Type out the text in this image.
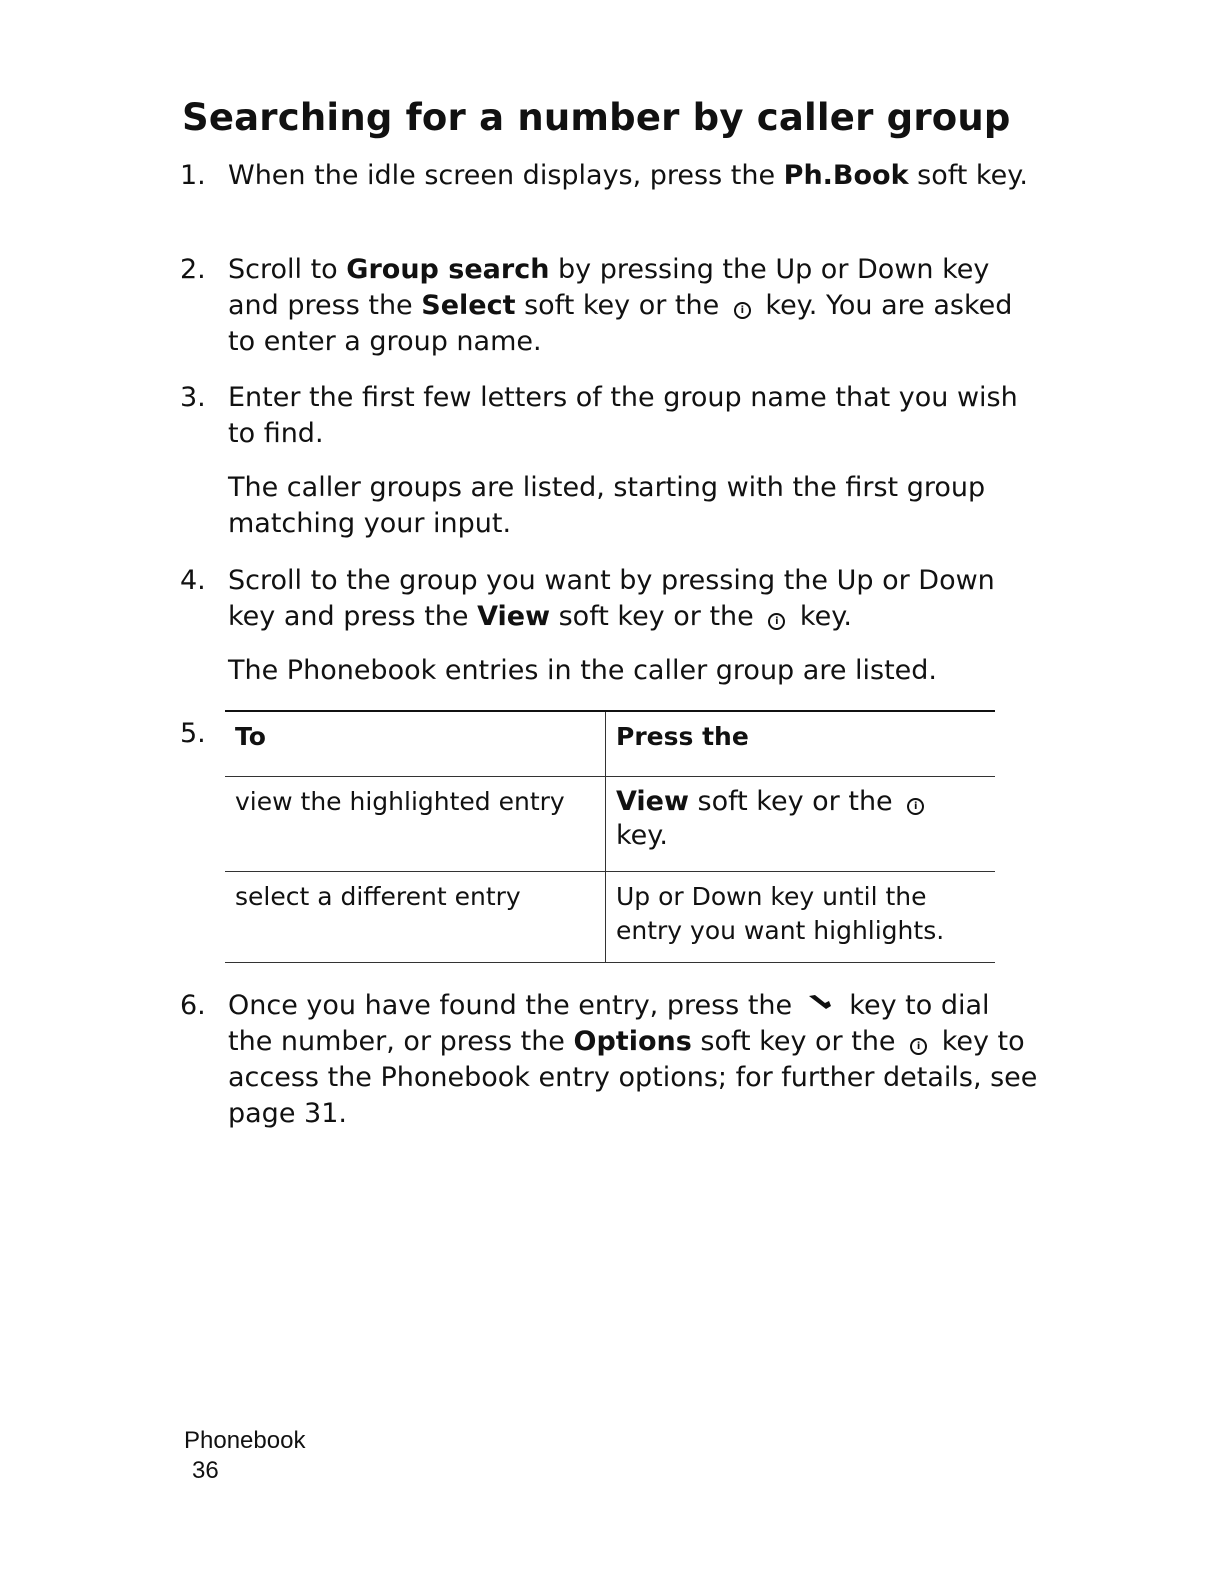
Searching for a number by caller group
1. When the idle screen displays, press the Ph.Book soft key.

2. Scroll to Group search by pressing the Up or Down key and press the Select soft key or the i key. You are asked to enter a group name.

3. Enter the first few letters of the group name that you wish to find.

The caller groups are listed, starting with the first group matching your input.

4. Scroll to the group you want by pressing the Up or Down key and press the View soft key or the i key.

The Phonebook entries in the caller group are listed.

5. To	Press the
view the highlighted entry	View soft key or the i key.
select a different entry	Up or Down key until the entry you want highlights.
6. Once you have found the entry, press the  key to dial the number, or press the Options soft key or the i key to access the Phonebook entry options; for further details, see page 31.

Phonebook
36
